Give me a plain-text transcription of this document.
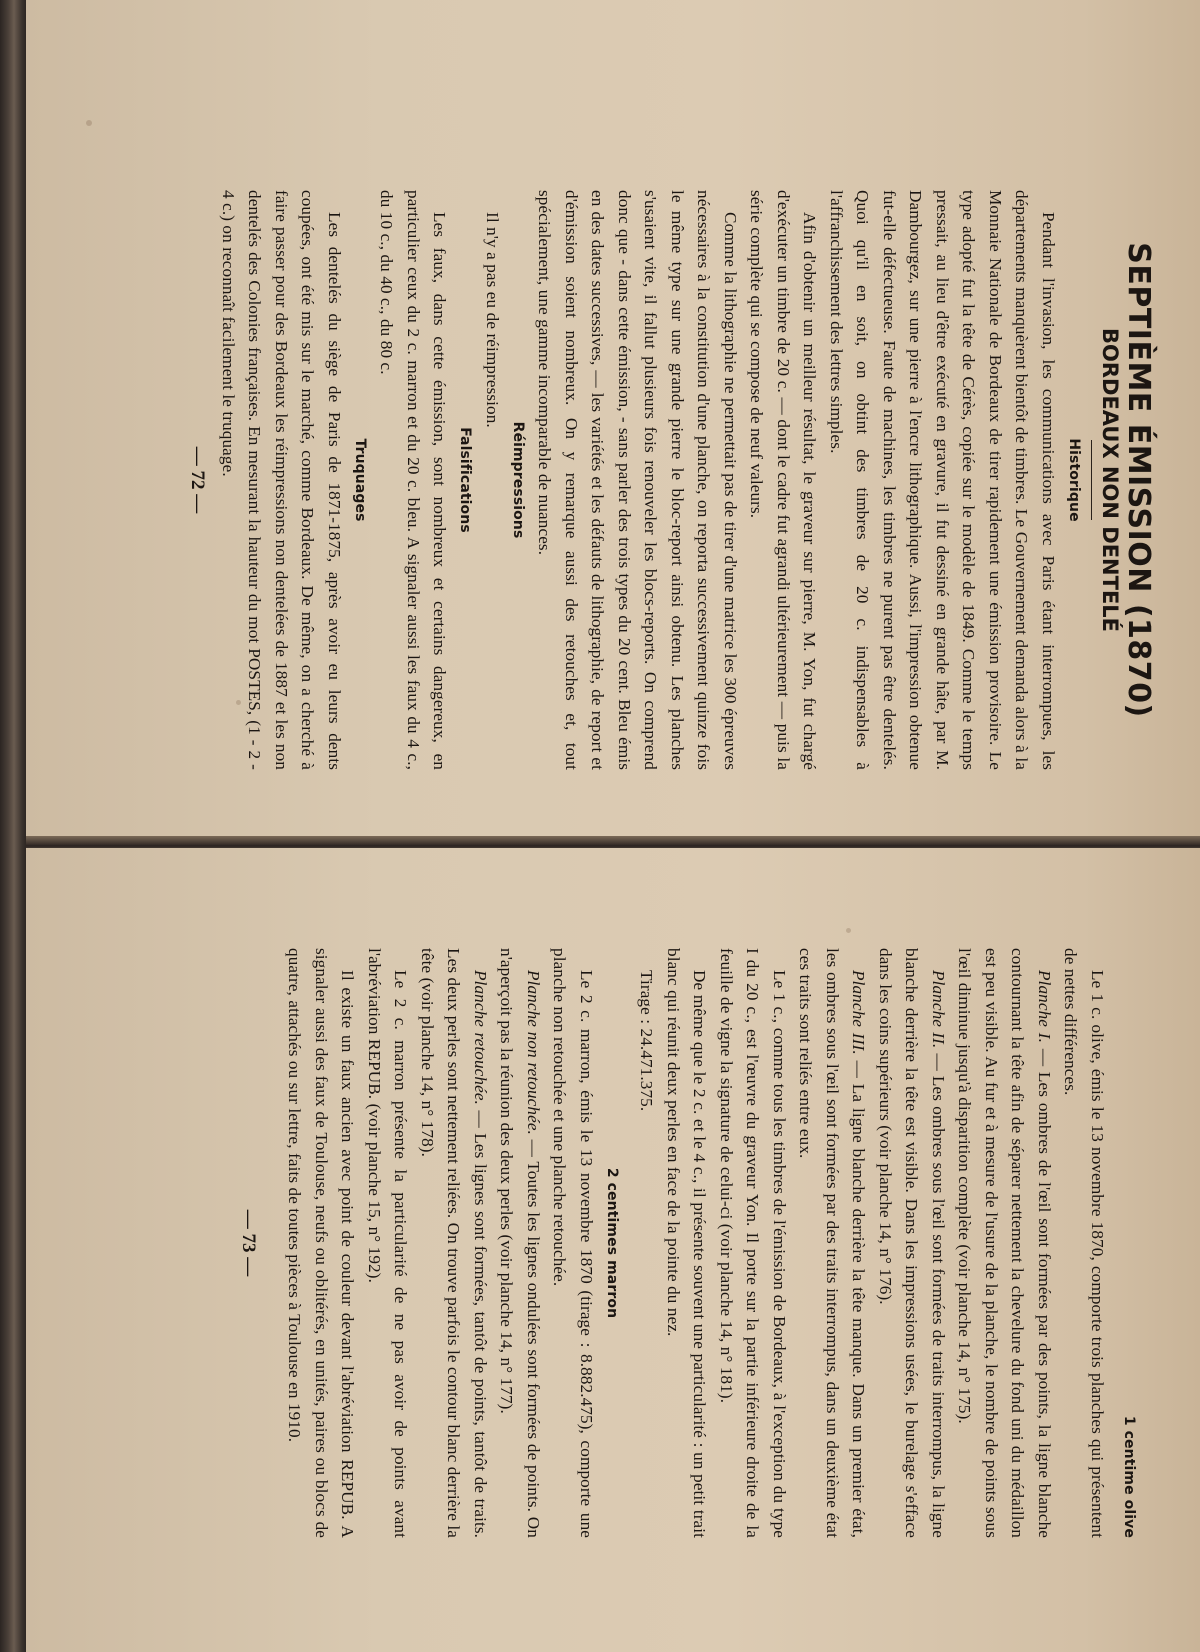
SEPTIÈME ÉMISSION (1870)
BORDEAUX NON DENTELÉ
Historique

Pendant l'invasion, les communications avec Paris étant interrompues, les départements manquèrent bientôt de timbres. Le Gouvernement demanda alors à la Monnaie Nationale de Bordeaux de tirer rapidement une émission provisoire. Le type adopté fut la tête de Cérès, copiée sur le modèle de 1849. Comme le temps pressait, au lieu d'être exécuté en gravure, il fut dessiné en grande hâte, par M. Dambourgez, sur une pierre à l'encre lithographique. Aussi, l'impression obtenue fut-elle défectueuse. Faute de machines, les timbres ne purent pas être dentelés. Quoi qu'il en soit, on obtint des timbres de 20 c. indispensables à l'affranchissement des lettres simples.

Afin d'obtenir un meilleur résultat, le graveur sur pierre, M. Yon, fut chargé d'exécuter un timbre de 20 c. — dont le cadre fut agrandi ultérieurement — puis la série complète qui se compose de neuf valeurs.

Comme la lithographie ne permettait pas de tirer d'une matrice les 300 épreuves nécessaires à la constitution d'une planche, on reporta successivement quinze fois le même type sur une grande pierre le bloc-report ainsi obtenu. Les planches s'usaient vite, il fallut plusieurs fois renouveler les blocs-reports. On comprend donc que - dans cette émission, - sans parler des trois types du 20 cent. Bleu émis en des dates successives, — les variétés et les défauts de lithographie, de report et d'émission soient nombreux. On y remarque aussi des retouches et, tout spécialement, une gamme incomparable de nuances.

Réimpressions

Il n'y a pas eu de réimpression.

Falsifications

Les faux, dans cette émission, sont nombreux et certains dangereux, en particulier ceux du 2 c. marron et du 20 c. bleu. A signaler aussi les faux du 4 c., du 10 c., du 40 c., du 80 c.

Truquages

Les dentelés du siège de Paris de 1871-1875, après avoir eu leurs dents coupées, ont été mis sur le marché, comme Bordeaux. De même, on a cherché à faire passer pour des Bordeaux les réimpressions non dentelées de 1887 et les non dentelés des Colonies françaises. En mesurant la hauteur du mot POSTES, (1 - 2 - 4 c.) on reconnaît facilement le truquage.

— 72 —
1 centime olive

Le 1 c. olive, émis le 13 novembre 1870, comporte trois planches qui présentent de nettes différences.

Planche I. — Les ombres de l'œil sont formées par des points, la ligne blanche contournant la tête afin de séparer nettement la chevelure du fond uni du médaillon est peu visible. Au fur et à mesure de l'usure de la planche, le nombre de points sous l'œil diminue jusqu'à disparition complète (voir planche 14, n° 175).

Planche II. — Les ombres sous l'œil sont formées de traits interrompus, la ligne blanche derrière la tête est visible. Dans les impressions usées, le burelage s'efface dans les coins supérieurs (voir planche 14, n° 176).

Planche III. — La ligne blanche derrière la tête manque. Dans un premier état, les ombres sous l'œil sont formées par des traits interrompus, dans un deuxième état ces traits sont reliés entre eux.

Le 1 c., comme tous les timbres de l'émission de Bordeaux, à l'exception du type I du 20 c., est l'œuvre du graveur Yon. Il porte sur la partie inférieure droite de la feuille de vigne la signature de celui-ci (voir planche 14, n° 181).

De même que le 2 c. et le 4 c., il présente souvent une particularité : un petit trait blanc qui réunit deux perles en face de la pointe du nez.

Tirage : 24.471.375.

2 centimes marron

Le 2 c. marron, émis le 13 novembre 1870 (tirage : 8.882.475), comporte une planche non retouchée et une planche retouchée.

Planche non retouchée. — Toutes les lignes ondulées sont formées de points. On n'aperçoit pas la réunion des deux perles (voir planche 14, n° 177).

Planche retouchée. — Les lignes sont formées, tantôt de points, tantôt de traits. Les deux perles sont nettement reliées. On trouve parfois le contour blanc derrière la tête (voir planche 14, n° 178).

Le 2 c. marron présente la particularité de ne pas avoir de points avant l'abréviation REPUB. (voir planche 15, n° 192).

Il existe un faux ancien avec point de couleur devant l'abréviation REPUB. A signaler aussi des faux de Toulouse, neufs ou oblitérés, en unités, paires ou blocs de quatre, attachés ou sur lettre, faits de toutes pièces à Toulouse en 1910.

— 73 —
